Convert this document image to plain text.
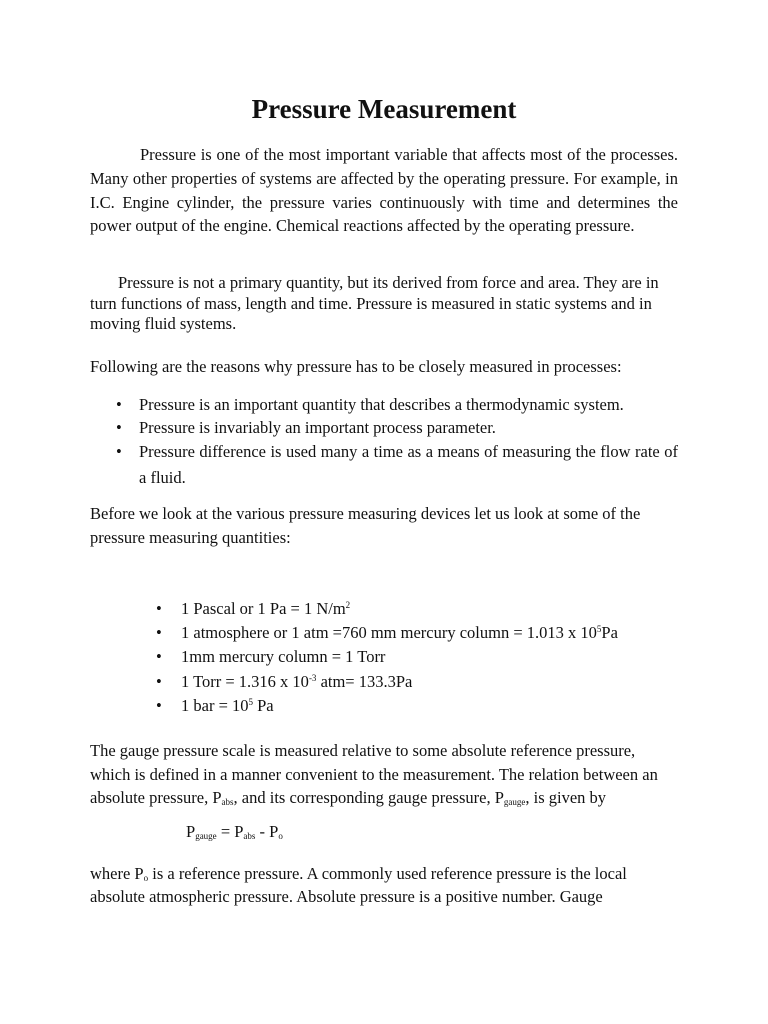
Pressure Measurement

Pressure is one of the most important variable that affects most of the processes. Many other properties of systems are affected by the operating pressure. For example, in I.C. Engine cylinder, the pressure varies continuously with time and determines the power output of the engine. Chemical reactions affected by the operating pressure.

Pressure is not a primary quantity, but its derived from force and area. They are in turn functions of mass, length and time. Pressure is measured in static systems and in moving fluid systems.

Following are the reasons why pressure has to be closely measured in processes:

• Pressure is an important quantity that describes a thermodynamic system.
• Pressure is invariably an important process parameter.
• Pressure difference is used many a time as a means of measuring the flow rate of a fluid.

Before we look at the various pressure measuring devices let us look at some of the pressure measuring quantities:

• 1 Pascal or 1 Pa = 1 $N/m^2$
• 1 atmosphere or 1 atm =760 mm mercury column = 1.013 x $10^5Pa$
• 1mm mercury column = 1 Torr
• 1 Torr = 1.316 x $10^{-3}$ atm= 133.3Pa
• 1 bar = $10^5$ Pa

The gauge pressure scale is measured relative to some absolute reference pressure, which is defined in a manner convenient to the measurement. The relation between an absolute pressure, $P_{abs}$, and its corresponding gauge pressure, $P_{gauge}$, is given by

$P_{gauge} = P_{abs} - P_o$

where $P_o$ is a reference pressure. A commonly used reference pressure is the local absolute atmospheric pressure. Absolute pressure is a positive number. Gauge
